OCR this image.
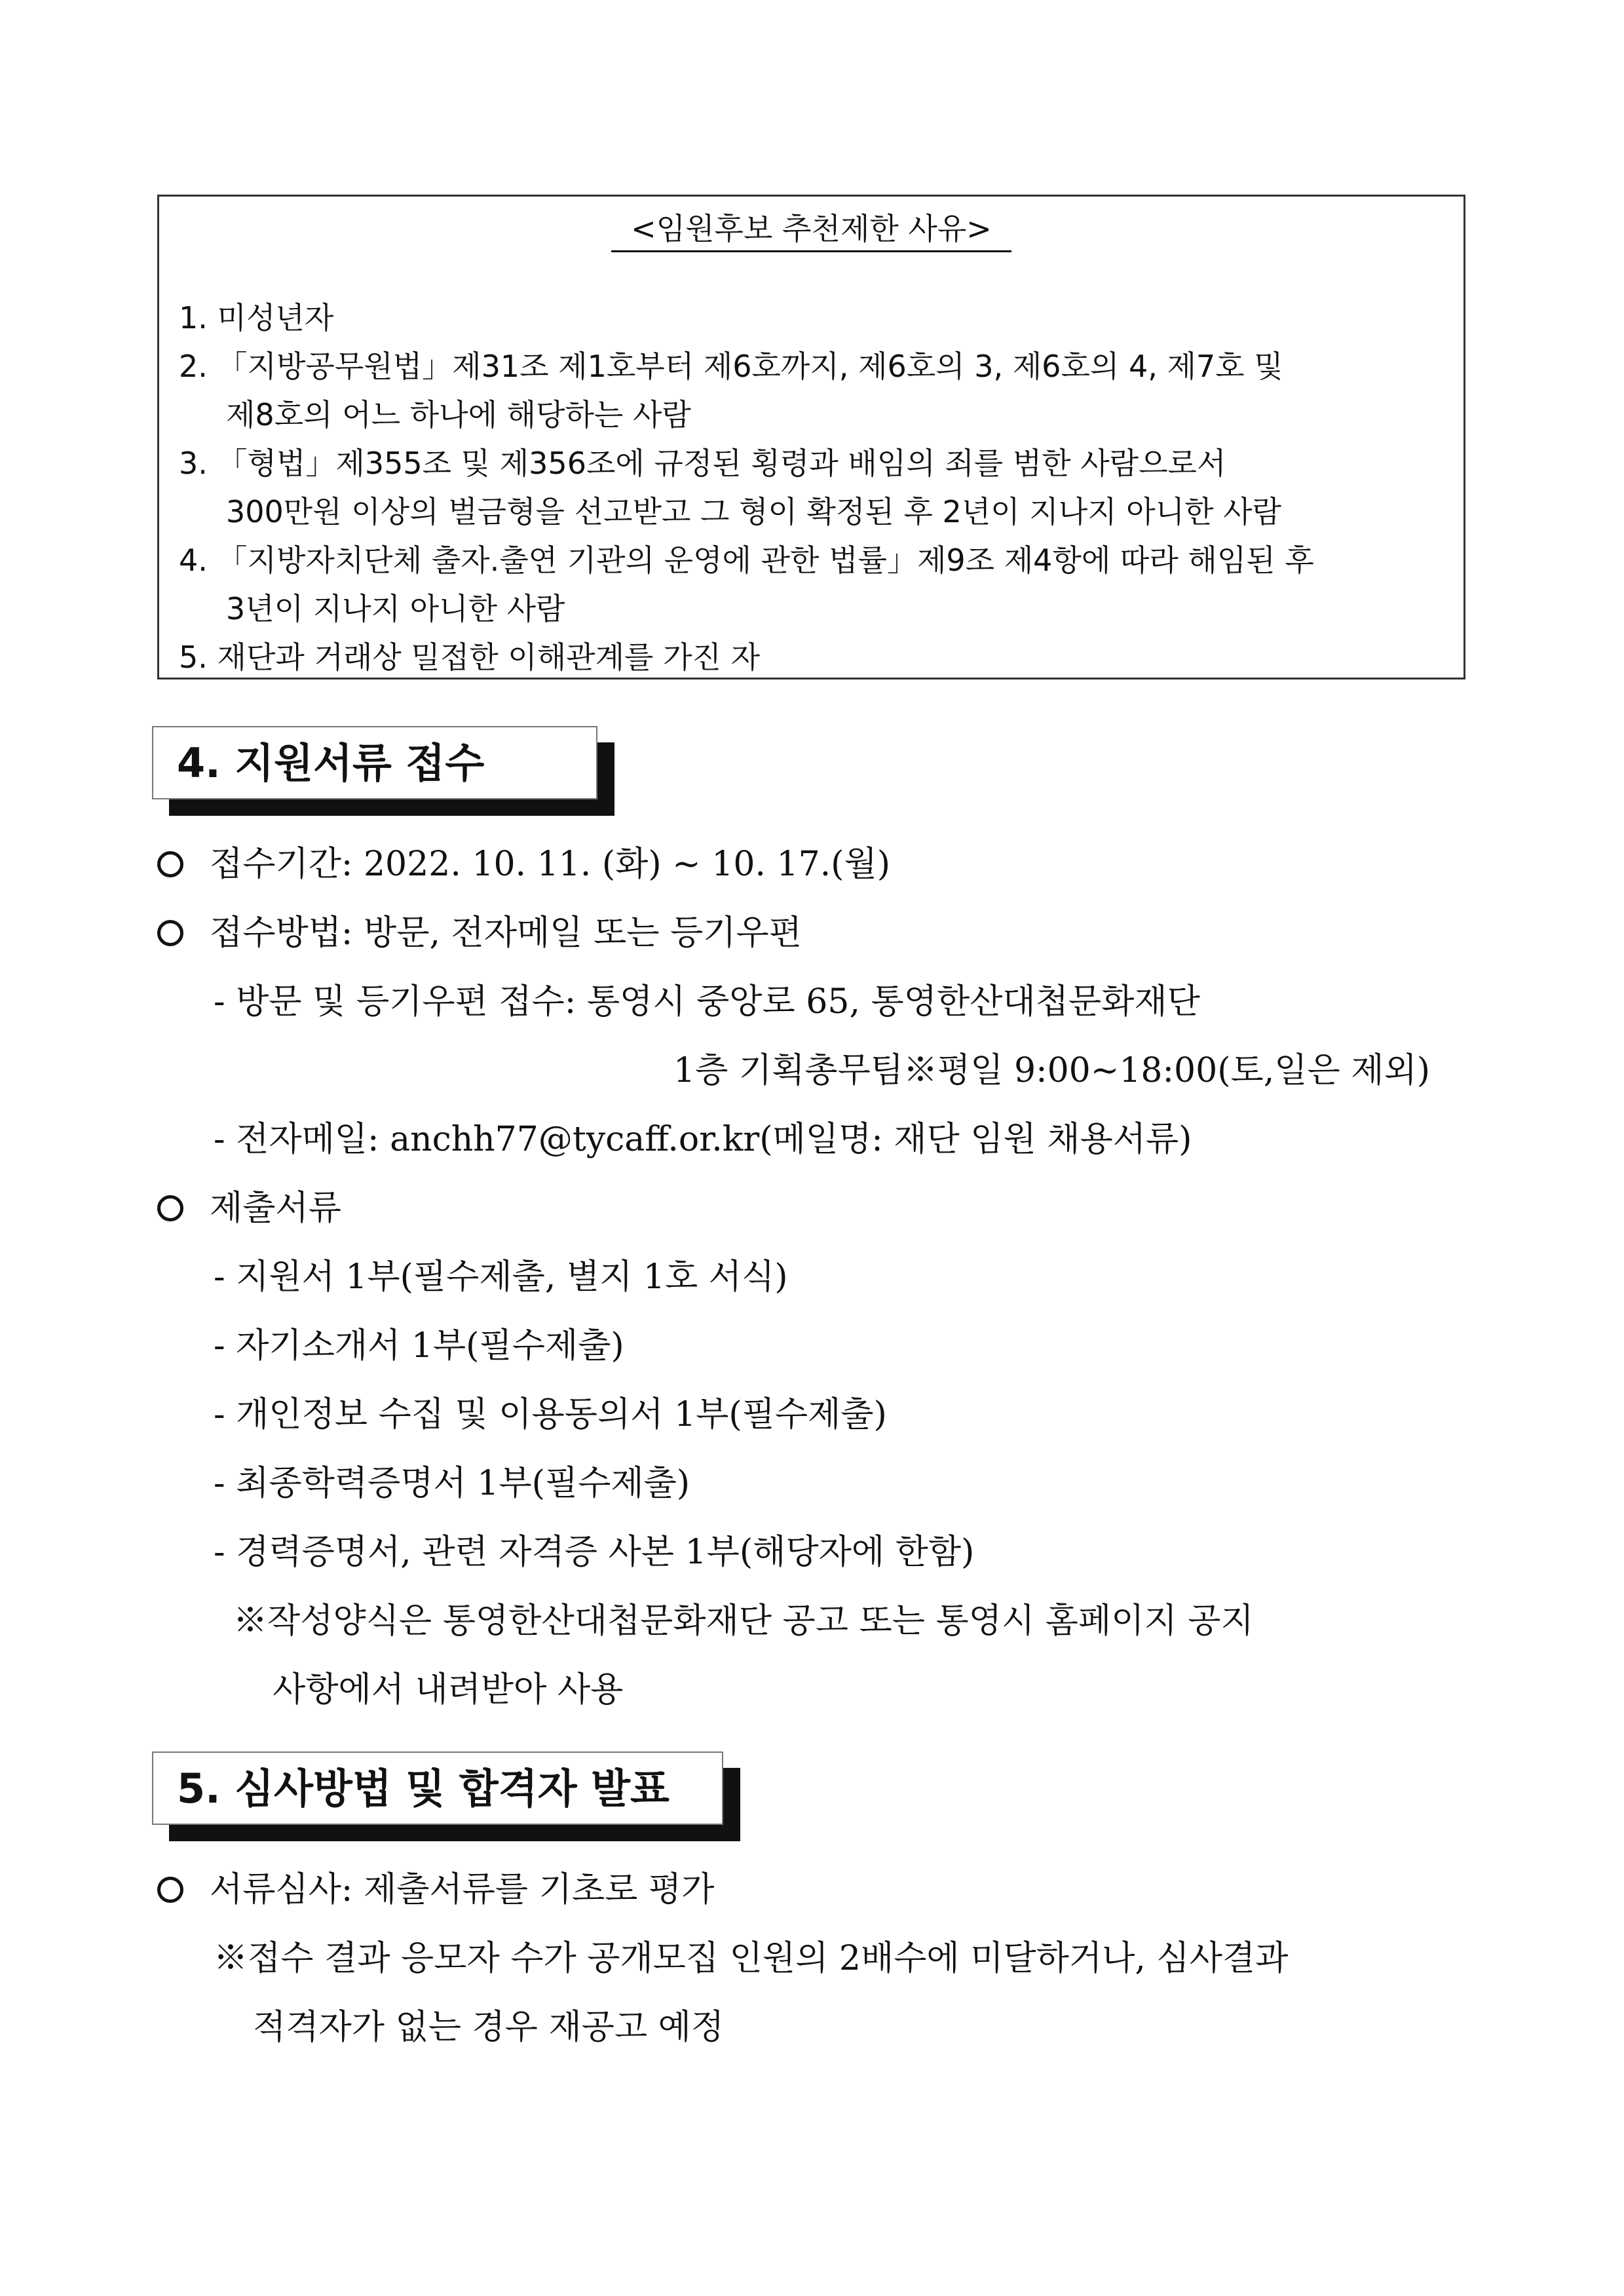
<임원후보 추천제한 사유>
1. 미성년자
2. 「지방공무원법」제31조 제1호부터 제6호까지, 제6호의 3, 제6호의 4, 제7호 및
제8호의 어느 하나에 해당하는 사람
3. 「형법」제355조 및 제356조에 규정된 횡령과 배임의 죄를 범한 사람으로서
300만원 이상의 벌금형을 선고받고 그 형이 확정된 후 2년이 지나지 아니한 사람
4. 「지방자치단체 출자.출연 기관의 운영에 관한 법률」제9조 제4항에 따라 해임된 후
3년이 지나지 아니한 사람
5. 재단과 거래상 밀접한 이해관계를 가진 자
4. 지원서류 접수
접수기간: 2022. 10. 11. (화) ~ 10. 17.(월)
접수방법: 방문, 전자메일 또는 등기우편
- 방문 및 등기우편 접수: 통영시 중앙로 65, 통영한산대첩문화재단
1층 기획총무팀※평일 9:00~18:00(토,일은 제외)
- 전자메일: anchh77@tycaff.or.kr(메일명: 재단 임원 채용서류)
제출서류
- 지원서 1부(필수제출, 별지 1호 서식)
- 자기소개서 1부(필수제출)
- 개인정보 수집 및 이용동의서 1부(필수제출)
- 최종학력증명서 1부(필수제출)
- 경력증명서, 관련 자격증 사본 1부(해당자에 한함)
※작성양식은 통영한산대첩문화재단 공고 또는 통영시 홈페이지 공지
사항에서 내려받아 사용
5. 심사방법 및 합격자 발표
서류심사: 제출서류를 기초로 평가
※접수 결과 응모자 수가 공개모집 인원의 2배수에 미달하거나, 심사결과
적격자가 없는 경우 재공고 예정
